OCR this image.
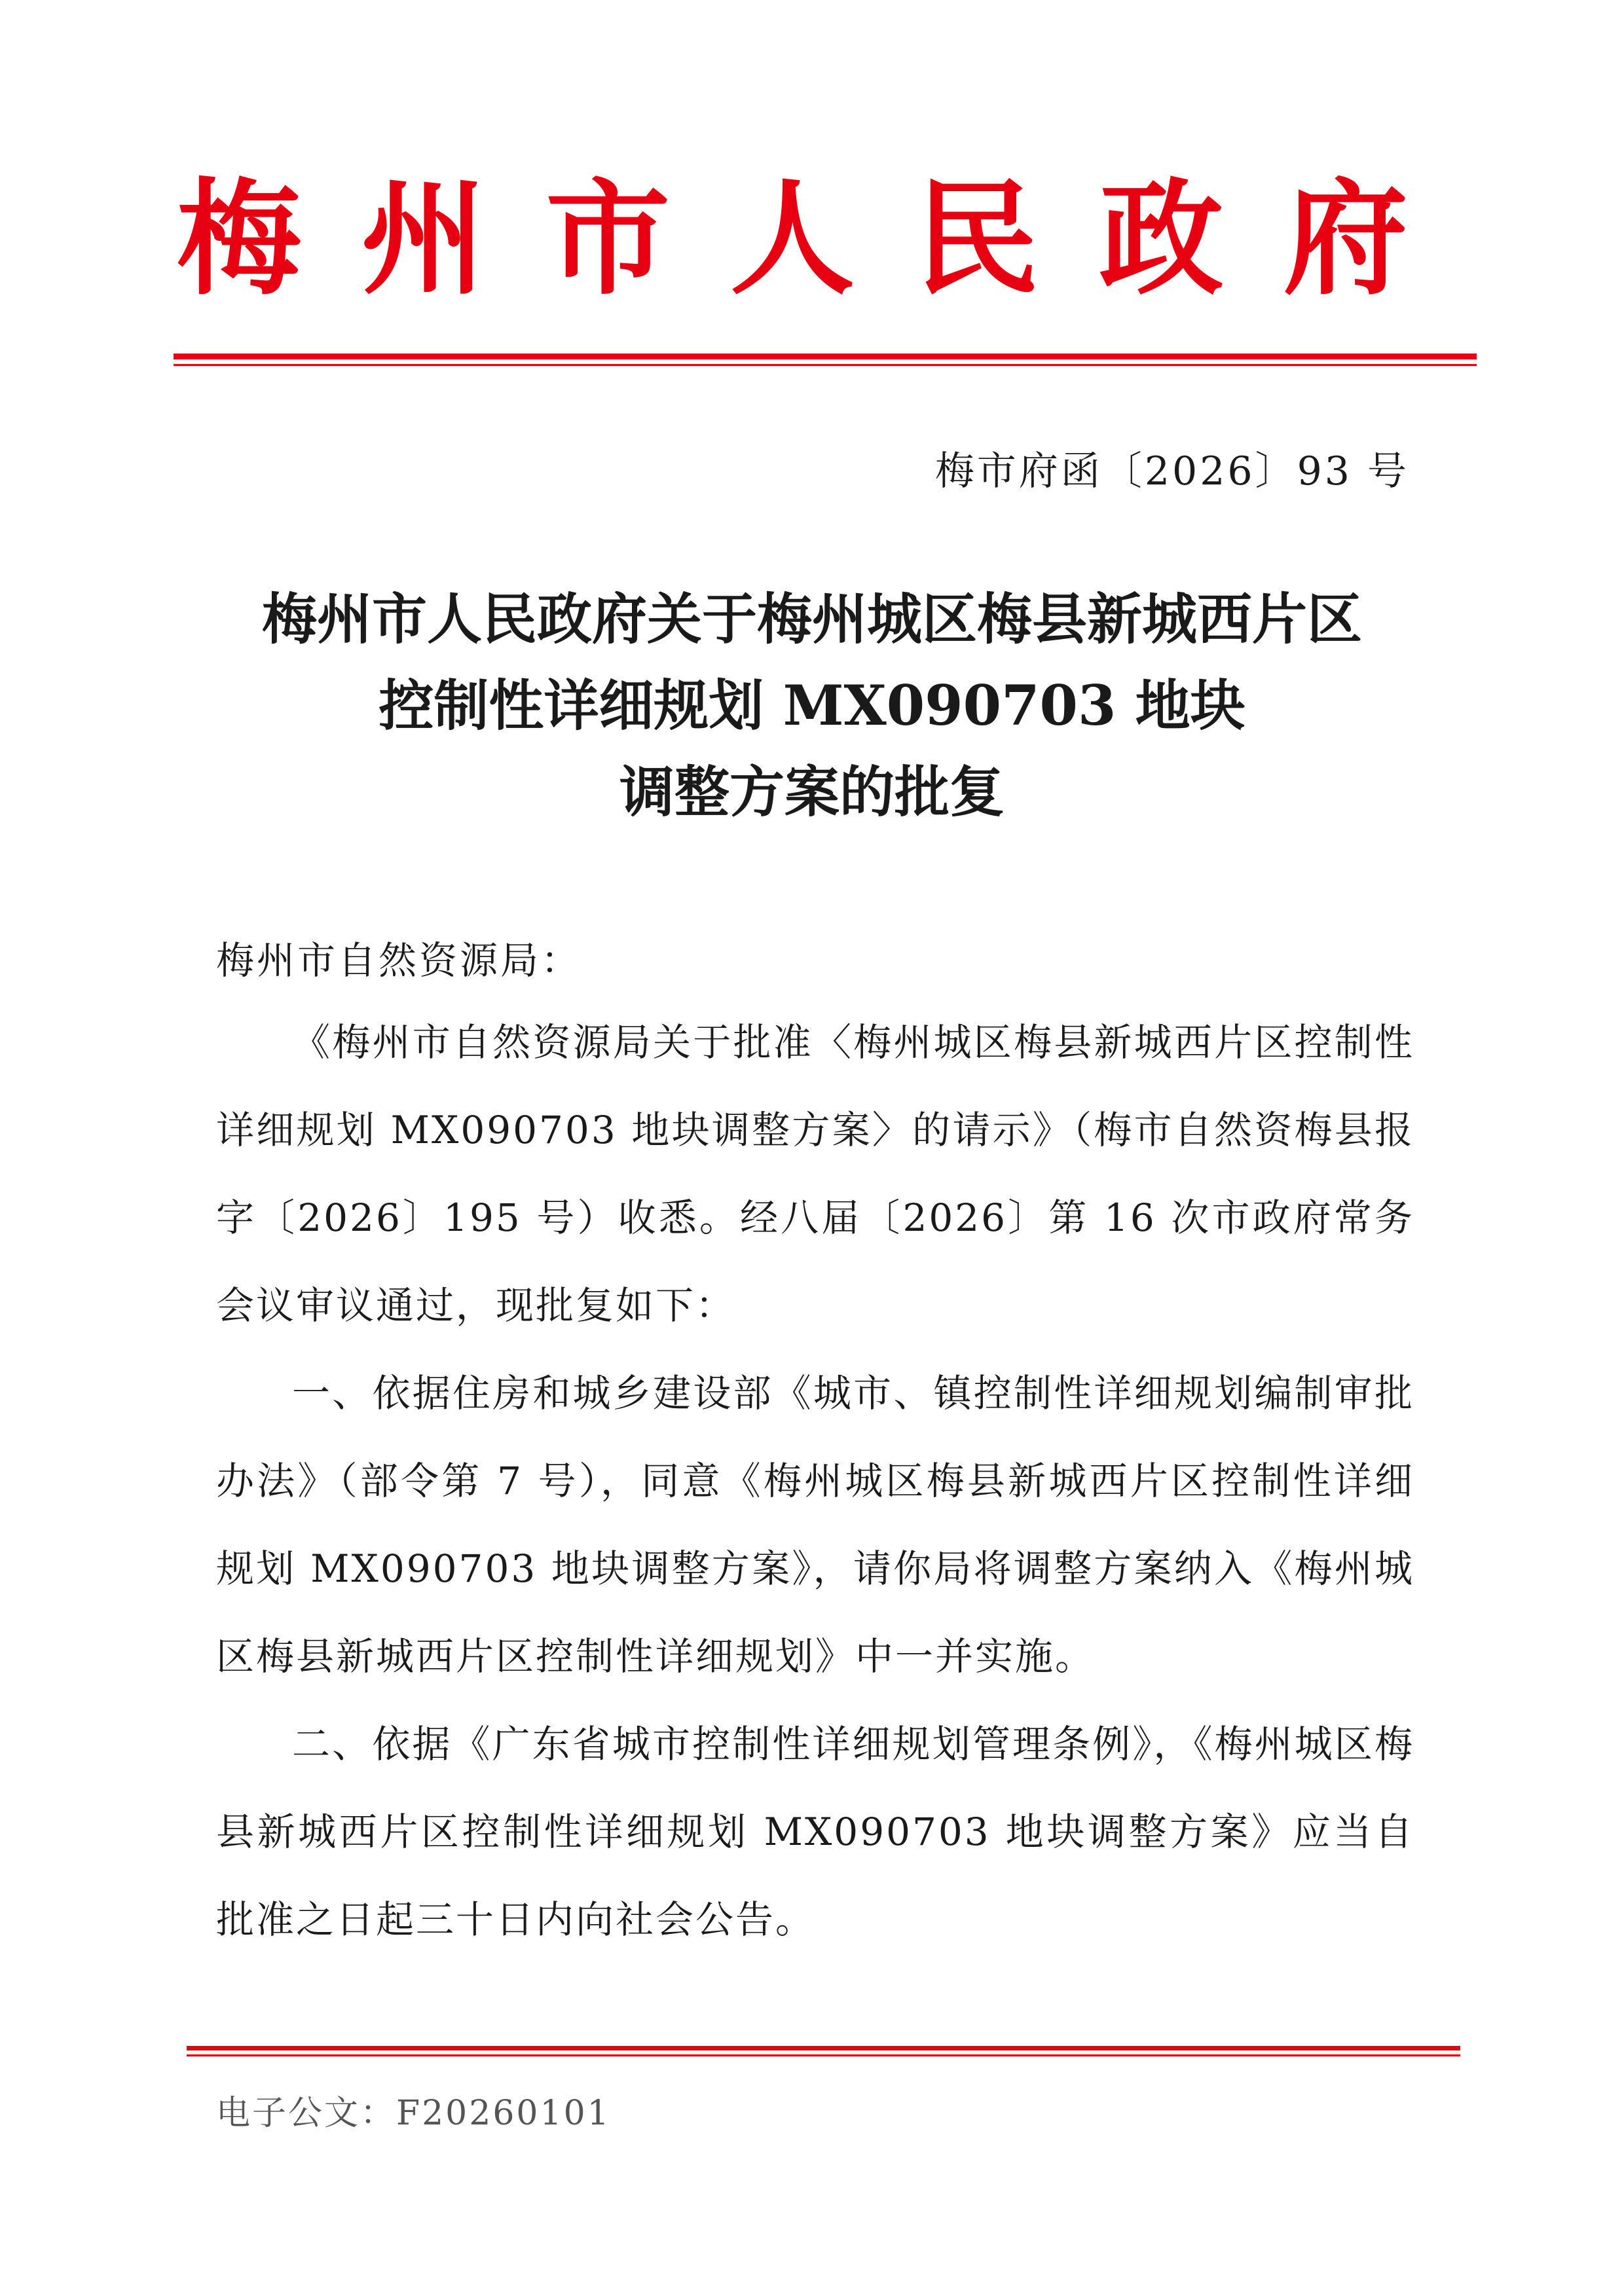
梅 州 市 人 民 政 府
梅市府函〔2026〕93 号
梅州市人民政府关于梅州城区梅县新城西片区
控制性详细规划 MX090703 地块
调整方案的批复
梅州市自然资源局：

《梅州市自然资源局关于批准〈梅州城区梅县新城西片区控制性详细规划 MX090703 地块调整方案〉的请示》（梅市自然资梅县报字〔2026〕195 号）收悉。经八届〔2026〕第 16 次市政府常务会议审议通过，现批复如下：

一、依据住房和城乡建设部《城市、镇控制性详细规划编制审批办法》（部令第 7 号），同意《梅州城区梅县新城西片区控制性详细规划 MX090703 地块调整方案》，请你局将调整方案纳入《梅州城区梅县新城西片区控制性详细规划》中一并实施。

二、依据《广东省城市控制性详细规划管理条例》，《梅州城区梅县新城西片区控制性详细规划 MX090703 地块调整方案》应当自批准之日起三十日内向社会公告。

电子公文：F20260101
